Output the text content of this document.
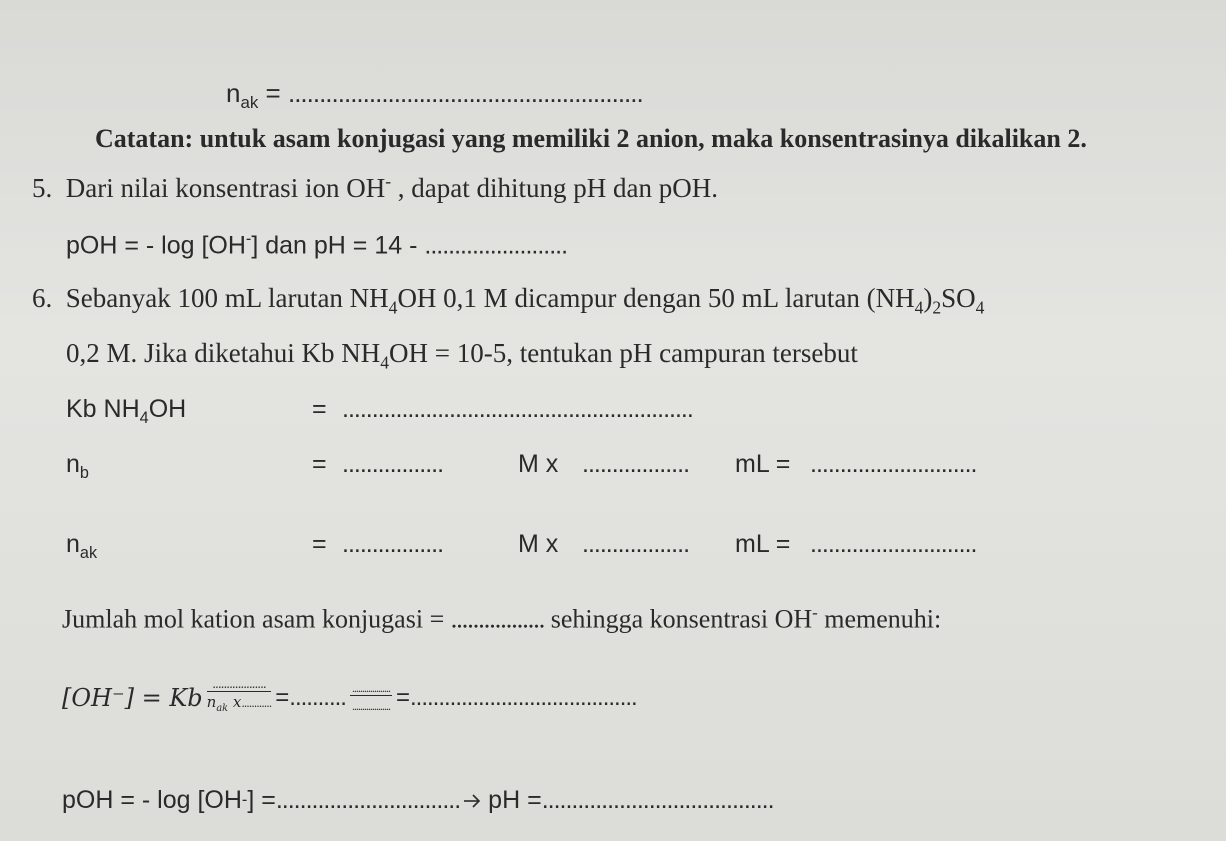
$n_{ak}$ = .........................................................
Catatan: untuk asam konjugasi yang memiliki 2 anion, maka konsentrasinya dikalikan 2.
5. Dari nilai konsentrasi ion OH- , dapat dihitung pH dan pOH.
pOH = - log [OH-] dan pH = 14 - ........................
6. Sebanyak 100 mL larutan $NH_4OH$ 0,1 M dicampur dengan 50 mL larutan $(NH_4)_2SO_4$
0,2 M. Jika diketahui Kb $NH_4OH = 10-5$, tentukan pH campuran tersebut
Kb $NH_4OH$	= ...........................................................
$n_b$	= .................	M x .................. mL = ............................
$n_{ak}$	= .................	M x .................. mL = ............................
Jumlah mol kation asam konjugasi = ................. sehingga konsentrasi OH- memenuhi:
[OH⁻] = Kb $\frac{...................}{n_{ak} x............}$ = .......... $\frac{...................}{...................}$ = ........................................
pOH = - log [OH - ] = ............................... pH = .......................................
